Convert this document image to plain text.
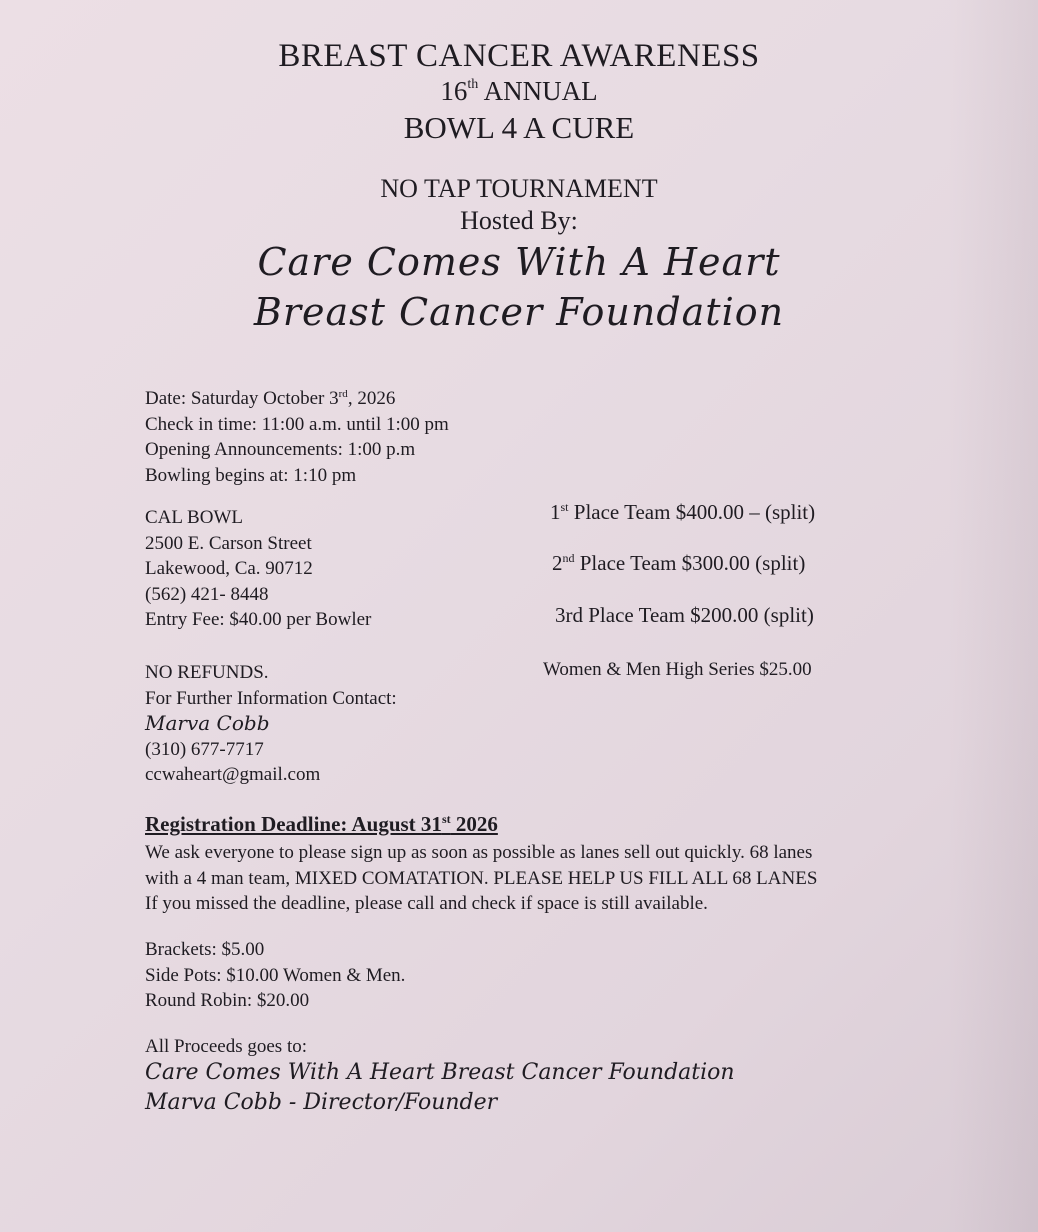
BREAST CANCER AWARENESS
16th ANNUAL
BOWL 4 A CURE
NO TAP TOURNAMENT
Hosted By:
Care Comes With A Heart
Breast Cancer Foundation
Date: Saturday October 3rd, 2026
Check in time: 11:00 a.m. until 1:00 pm
Opening Announcements: 1:00 p.m
Bowling begins at: 1:10 pm
CAL BOWL
2500 E. Carson Street
Lakewood, Ca. 90712
(562) 421- 8448
Entry Fee: $40.00 per Bowler
1st Place Team $400.00 – (split)
2nd Place Team $300.00 (split)
3rd Place Team $200.00 (split)
Women & Men High Series $25.00
NO REFUNDS.
For Further Information Contact:
Marva Cobb
(310) 677-7717
ccwaheart@gmail.com
Registration Deadline: August 31st 2026
We ask everyone to please sign up as soon as possible as lanes sell out quickly. 68 lanes
with a 4 man team, MIXED COMATATION. PLEASE HELP US FILL ALL 68 LANES
If you missed the deadline, please call and check if space is still available.
Brackets: $5.00
Side Pots: $10.00 Women & Men.
Round Robin: $20.00
All Proceeds goes to:
Care Comes With A Heart Breast Cancer Foundation
Marva Cobb - Director/Founder
